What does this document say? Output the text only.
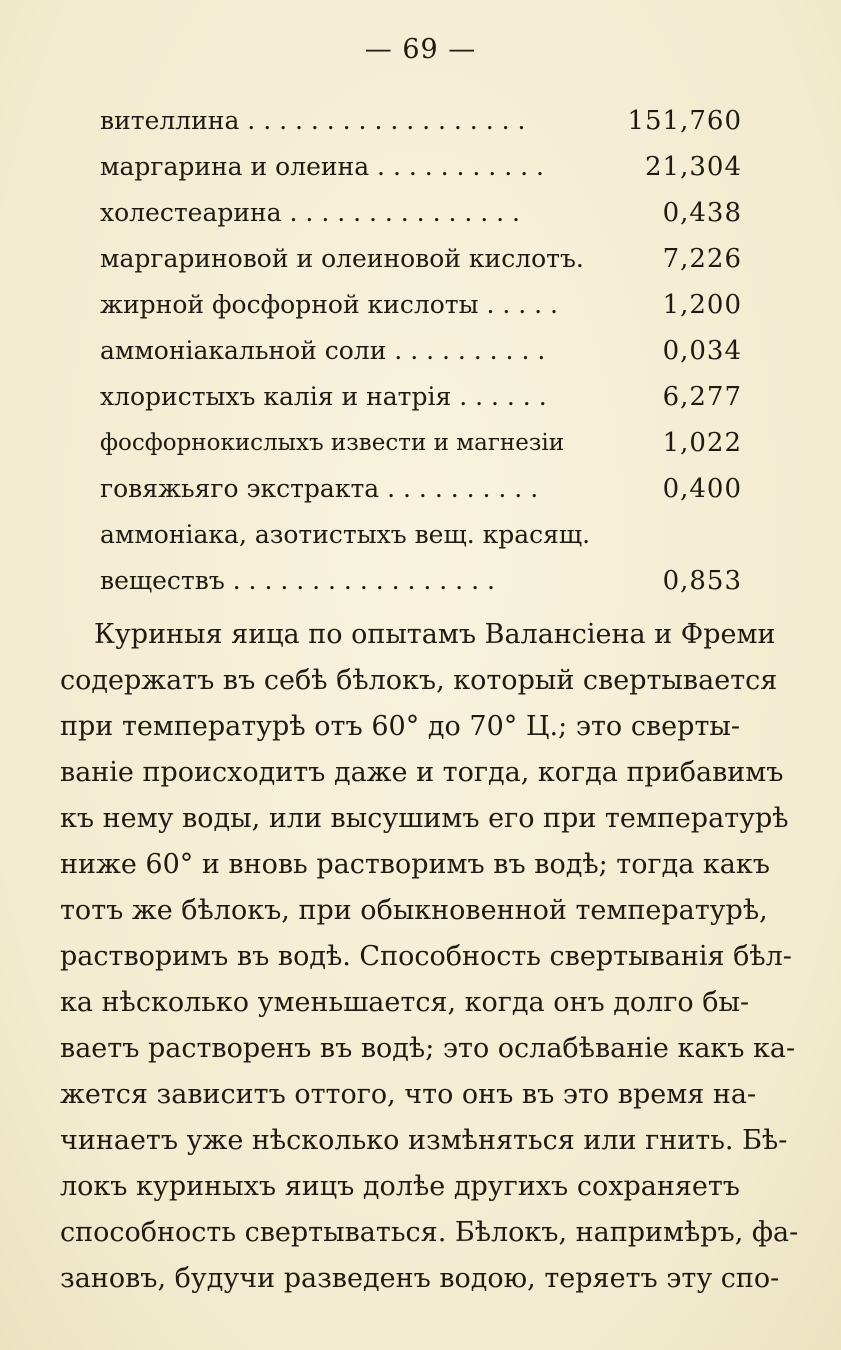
— 69 —
вителлина . . . . . . . . . . . . . . . . . .	151,760
маргарина и олеина . . . . . . . . . . .	21,304
холестеарина . . . . . . . . . . . . . . .	0,438
маргариновой и олеиновой кислотъ.	7,226
жирной фосфорной кислоты . . . . .	1,200
аммоніакальной соли . . . . . . . . . .	0,034
хлористыхъ калія и натрія . . . . . .	6,277
фосфорнокислыхъ извести и магнезіи	1,022
говяжьяго экстракта . . . . . . . . . .	0,400
аммоніака, азотистыхъ вещ. красящ.
веществъ . . . . . . . . . . . . . . . . .	0,853
Куриныя яица по опытамъ Валансіена и Фреми
содержатъ въ себѣ бѣлокъ, который свертывается
при температурѣ отъ 60° до 70° Ц.; это сверты-
ваніе происходитъ даже и тогда, когда прибавимъ
къ нему воды, или высушимъ его при температурѣ
ниже 60° и вновь растворимъ въ водѣ; тогда какъ
тотъ же бѣлокъ, при обыкновенной температурѣ,
растворимъ въ водѣ. Способность свертыванія бѣл-
ка нѣсколько уменьшается, когда онъ долго бы-
ваетъ растворенъ въ водѣ; это ослабѣваніе какъ ка-
жется зависитъ оттого, что онъ въ это время на-
чинаетъ уже нѣсколько измѣняться или гнить. Бѣ-
локъ куриныхъ яицъ долѣе другихъ сохраняетъ
способность свертываться. Бѣлокъ, напримѣръ, фа-
зановъ, будучи разведенъ водою, теряетъ эту спо-
